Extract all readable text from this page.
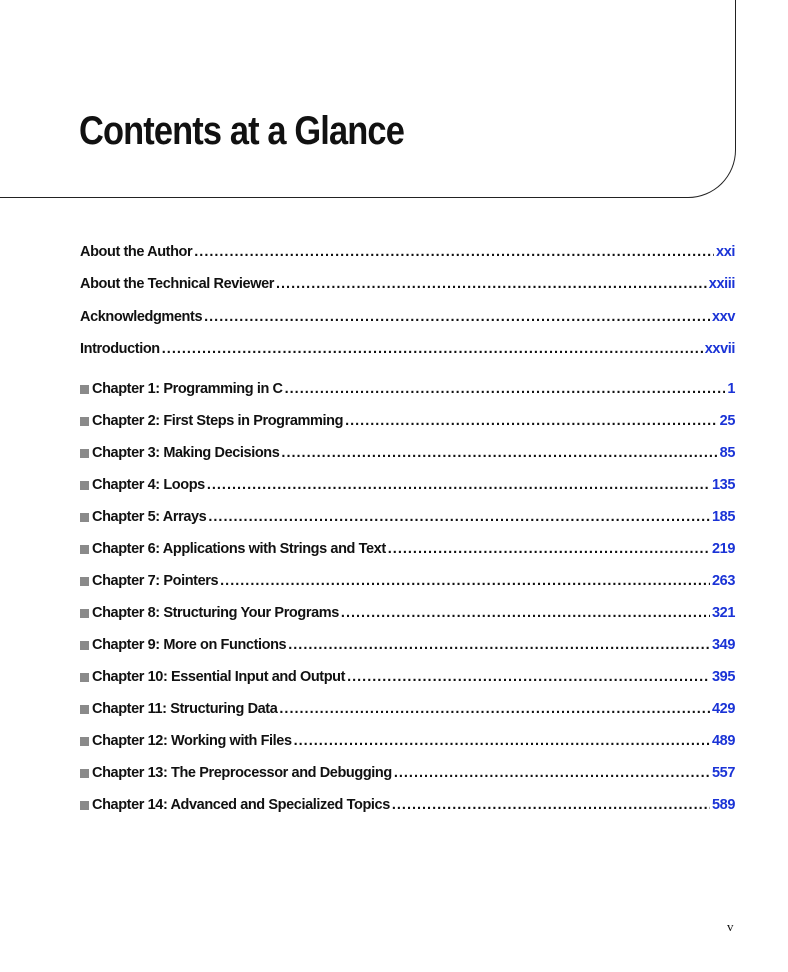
Contents at a Glance
About the Author .....	xxi
About the Technical Reviewer .....	xxiii
Acknowledgments .....	xxv
Introduction .....	xxvii
Chapter 1: Programming in C .....	1
Chapter 2: First Steps in Programming .....	25
Chapter 3: Making Decisions .....	85
Chapter 4: Loops .....	135
Chapter 5: Arrays .....	185
Chapter 6: Applications with Strings and Text .....	219
Chapter 7: Pointers .....	263
Chapter 8: Structuring Your Programs .....	321
Chapter 9: More on Functions .....	349
Chapter 10: Essential Input and Output .....	395
Chapter 11: Structuring Data .....	429
Chapter 12: Working with Files .....	489
Chapter 13: The Preprocessor and Debugging .....	557
Chapter 14: Advanced and Specialized Topics .....	589
v
